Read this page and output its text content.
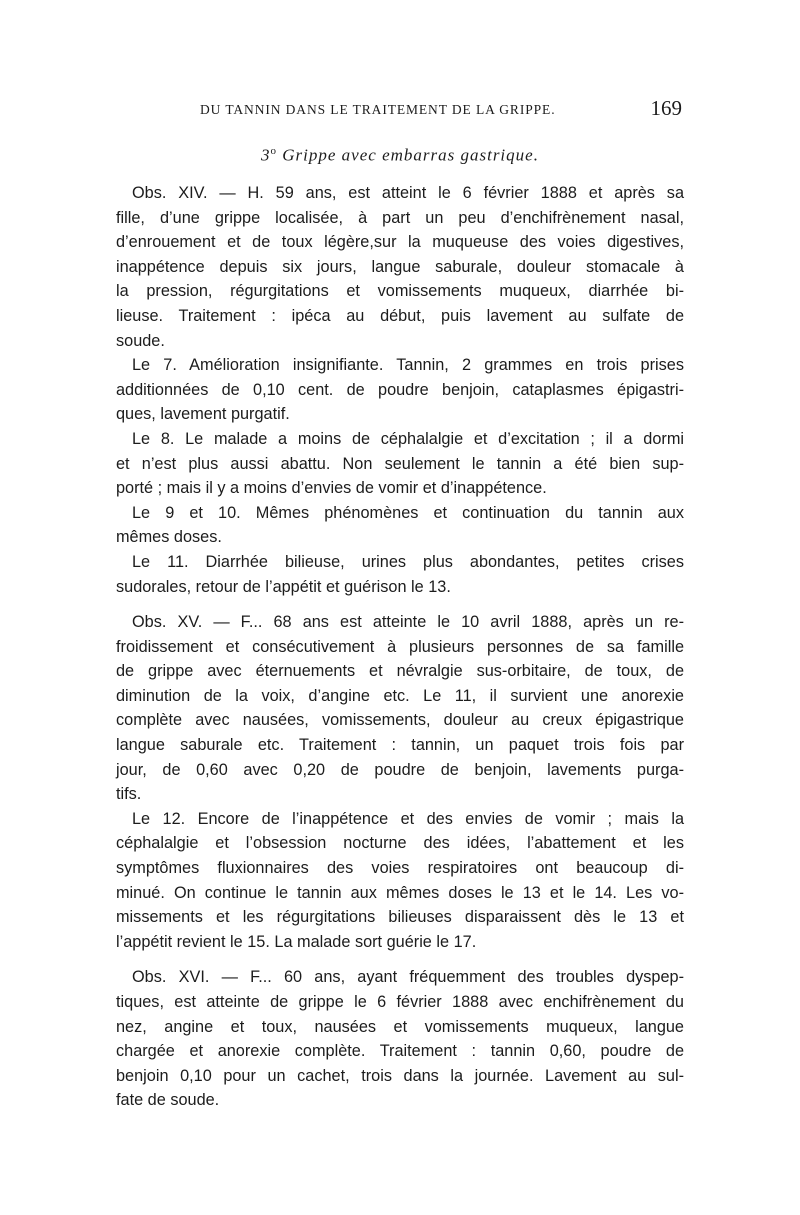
DU TANNIN DANS LE TRAITEMENT DE LA GRIPPE.	169
3$^o$ Grippe avec embarras gastrique.
Obs. XIV. — H. 59 ans, est atteint le 6 février 1888 et après sa
fille, d’une grippe localisée, à part un peu d’enchifrènement nasal,
d’enrouement et de toux légère,sur la muqueuse des voies digestives,
inappétence depuis six jours, langue saburale, douleur stomacale à
la pression, régurgitations et vomissements muqueux, diarrhée bi-
lieuse. Traitement : ipéca au début, puis lavement au sulfate de
soude.
Le 7. Amélioration insignifiante. Tannin, 2 grammes en trois prises
additionnées de 0,10 cent. de poudre benjoin, cataplasmes épigastri-
ques, lavement purgatif.
Le 8. Le malade a moins de céphalalgie et d’excitation ; il a dormi
et n’est plus aussi abattu. Non seulement le tannin a été bien sup-
porté ; mais il y a moins d’envies de vomir et d’inappétence.
Le 9 et 10. Mêmes phénomènes et continuation du tannin aux
mêmes doses.
Le 11. Diarrhée bilieuse, urines plus abondantes, petites crises
sudorales, retour de l’appétit et guérison le 13.
Obs. XV. — F... 68 ans est atteinte le 10 avril 1888, après un re-
froidissement et consécutivement à plusieurs personnes de sa famille
de grippe avec éternuements et névralgie sus-orbitaire, de toux, de
diminution de la voix, d’angine etc. Le 11, il survient une anorexie
complète avec nausées, vomissements, douleur au creux épigastrique
langue saburale etc. Traitement : tannin, un paquet trois fois par
jour, de 0,60 avec 0,20 de poudre de benjoin, lavements purga-
tifs.
Le 12. Encore de l’inappétence et des envies de vomir ; mais la
céphalalgie et l’obsession nocturne des idées, l’abattement et les
symptômes fluxionnaires des voies respiratoires ont beaucoup di-
minué. On continue le tannin aux mêmes doses le 13 et le 14. Les vo-
missements et les régurgitations bilieuses disparaissent dès le 13 et
l’appétit revient le 15. La malade sort guérie le 17.
Obs. XVI. — F... 60 ans, ayant fréquemment des troubles dyspep-
tiques, est atteinte de grippe le 6 février 1888 avec enchifrènement du
nez, angine et toux, nausées et vomissements muqueux, langue
chargée et anorexie complète. Traitement : tannin 0,60, poudre de
benjoin 0,10 pour un cachet, trois dans la journée. Lavement au sul-
fate de soude.
